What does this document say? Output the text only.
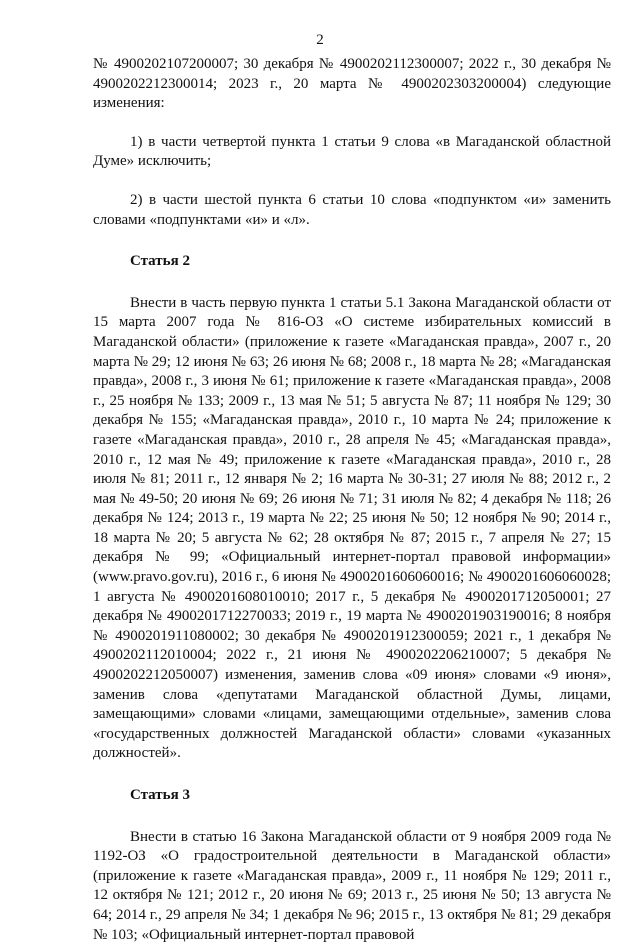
2

№ 4900202107200007; 30 декабря № 4900202112300007; 2022 г., 30 декабря № 4900202212300014; 2023 г., 20 марта № 4900202303200004) следующие изменения:

1) в части четвертой пункта 1 статьи 9 слова «в Магаданской областной Думе» исключить;

2) в части шестой пункта 6 статьи 10 слова «подпунктом «и» заменить словами «подпунктами «и» и «л».

Статья 2

Внести в часть первую пункта 1 статьи 5.1 Закона Магаданской области от 15 марта 2007 года № 816-ОЗ «О системе избирательных комиссий в Магаданской области» (приложение к газете «Магаданская правда», 2007 г., 20 марта № 29; 12 июня № 63; 26 июня № 68; 2008 г., 18 марта № 28; «Магаданская правда», 2008 г., 3 июня № 61; приложение к газете «Магаданская правда», 2008 г., 25 ноября № 133; 2009 г., 13 мая № 51; 5 августа № 87; 11 ноября № 129; 30 декабря № 155; «Магаданская правда», 2010 г., 10 марта № 24; приложение к газете «Магаданская правда», 2010 г., 28 апреля № 45; «Магаданская правда», 2010 г., 12 мая № 49; приложение к газете «Магаданская правда», 2010 г., 28 июля № 81; 2011 г., 12 января № 2; 16 марта № 30-31; 27 июля № 88; 2012 г., 2 мая № 49-50; 20 июня № 69; 26 июня № 71; 31 июля № 82; 4 декабря № 118; 26 декабря № 124; 2013 г., 19 марта № 22; 25 июня № 50; 12 ноября № 90; 2014 г., 18 марта № 20; 5 августа № 62; 28 октября № 87; 2015 г., 7 апреля № 27; 15 декабря № 99; «Официальный интернет-портал правовой информации» (www.pravo.gov.ru), 2016 г., 6 июня № 4900201606060016; № 4900201606060028; 1 августа № 4900201608010010; 2017 г., 5 декабря № 4900201712050001; 27 декабря № 4900201712270033; 2019 г., 19 марта № 4900201903190016; 8 ноября № 4900201911080002; 30 декабря № 4900201912300059; 2021 г., 1 декабря № 4900202112010004; 2022 г., 21 июня № 4900202206210007; 5 декабря № 4900202212050007) изменения, заменив слова «09 июня» словами «9 июня», заменив слова «депутатами Магаданской областной Думы, лицами, замещающими» словами «лицами, замещающими отдельные», заменив слова «государственных должностей Магаданской области» словами «указанных должностей».

Статья 3

Внести в статью 16 Закона Магаданской области от 9 ноября 2009 года № 1192-ОЗ «О градостроительной деятельности в Магаданской области» (приложение к газете «Магаданская правда», 2009 г., 11 ноября № 129; 2011 г., 12 октября № 121; 2012 г., 20 июня № 69; 2013 г., 25 июня № 50; 13 августа № 64; 2014 г., 29 апреля № 34; 1 декабря № 96; 2015 г., 13 октября № 81; 29 декабря № 103; «Официальный интернет-портал правовой
